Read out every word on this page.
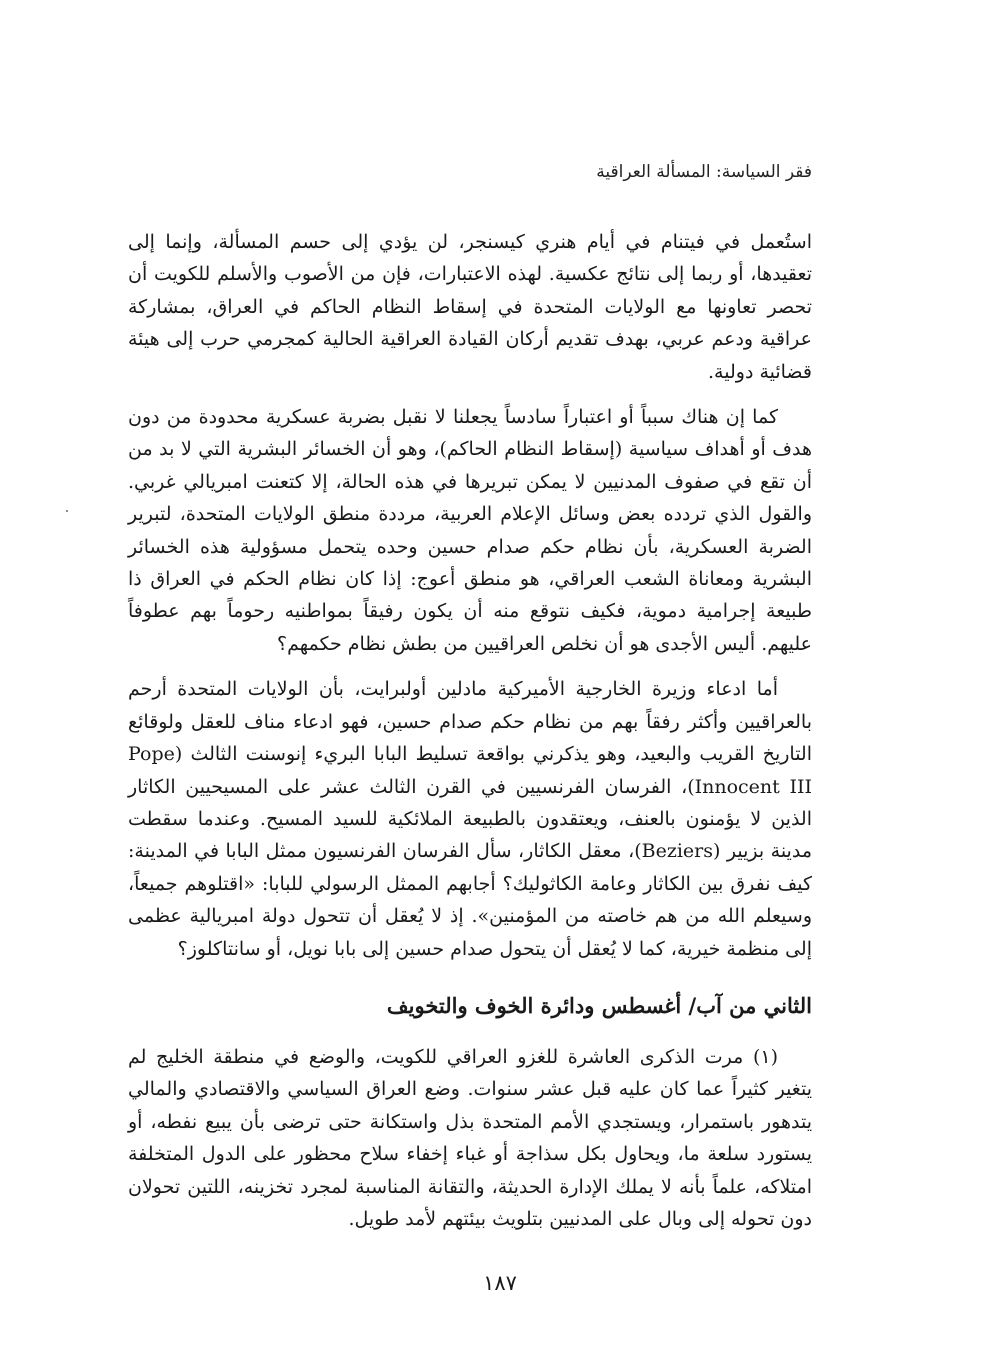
فقر السياسة: المسألة العراقية

استُعمل في فيتنام في أيام هنري كيسنجر، لن يؤدي إلى حسم المسألة، وإنما إلى تعقيدها، أو ربما إلى نتائج عكسية. لهذه الاعتبارات، فإن من الأصوب والأسلم للكويت أن تحصر تعاونها مع الولايات المتحدة في إسقاط النظام الحاكم في العراق، بمشاركة عراقية ودعم عربي، بهدف تقديم أركان القيادة العراقية الحالية كمجرمي حرب إلى هيئة قضائية دولية.

كما إن هناك سبباً أو اعتباراً سادساً يجعلنا لا نقبل بضربة عسكرية محدودة من دون هدف أو أهداف سياسية (إسقاط النظام الحاكم)، وهو أن الخسائر البشرية التي لا بد من أن تقع في صفوف المدنيين لا يمكن تبريرها في هذه الحالة، إلا كتعنت امبريالي غربي. والقول الذي تردده بعض وسائل الإعلام العربية، مرددة منطق الولايات المتحدة، لتبرير الضربة العسكرية، بأن نظام حكم صدام حسين وحده يتحمل مسؤولية هذه الخسائر البشرية ومعاناة الشعب العراقي، هو منطق أعوج: إذا كان نظام الحكم في العراق ذا طبيعة إجرامية دموية، فكيف نتوقع منه أن يكون رفيقاً بمواطنيه رحوماً بهم عطوفاً عليهم. أليس الأجدى هو أن نخلص العراقيين من بطش نظام حكمهم؟

أما ادعاء وزيرة الخارجية الأميركية مادلين أولبرايت، بأن الولايات المتحدة أرحم بالعراقيين وأكثر رفقاً بهم من نظام حكم صدام حسين، فهو ادعاء مناف للعقل ولوقائع التاريخ القريب والبعيد، وهو يذكرني بواقعة تسليط البابا البريء إنوسنت الثالث (Pope Innocent III)، الفرسان الفرنسيين في القرن الثالث عشر على المسيحيين الكاثار الذين لا يؤمنون بالعنف، ويعتقدون بالطبيعة الملائكية للسيد المسيح. وعندما سقطت مدينة بزيير (Beziers)، معقل الكاثار، سأل الفرسان الفرنسيون ممثل البابا في المدينة: كيف نفرق بين الكاثار وعامة الكاثوليك؟ أجابهم الممثل الرسولي للبابا: «اقتلوهم جميعاً، وسيعلم الله من هم خاصته من المؤمنين». إذ لا يُعقل أن تتحول دولة امبريالية عظمى إلى منظمة خيرية، كما لا يُعقل أن يتحول صدام حسين إلى بابا نويل، أو سانتاكلوز؟

الثاني من آب/ أغسطس ودائرة الخوف والتخويف

(١) مرت الذكرى العاشرة للغزو العراقي للكويت، والوضع في منطقة الخليج لم يتغير كثيراً عما كان عليه قبل عشر سنوات. وضع العراق السياسي والاقتصادي والمالي يتدهور باستمرار، ويستجدي الأمم المتحدة بذل واستكانة حتى ترضى بأن يبيع نفطه، أو يستورد سلعة ما، ويحاول بكل سذاجة أو غباء إخفاء سلاح محظور على الدول المتخلفة امتلاكه، علماً بأنه لا يملك الإدارة الحديثة، والتقانة المناسبة لمجرد تخزينه، اللتين تحولان دون تحوله إلى وبال على المدنيين بتلويث بيئتهم لأمد طويل.

١٨٧
